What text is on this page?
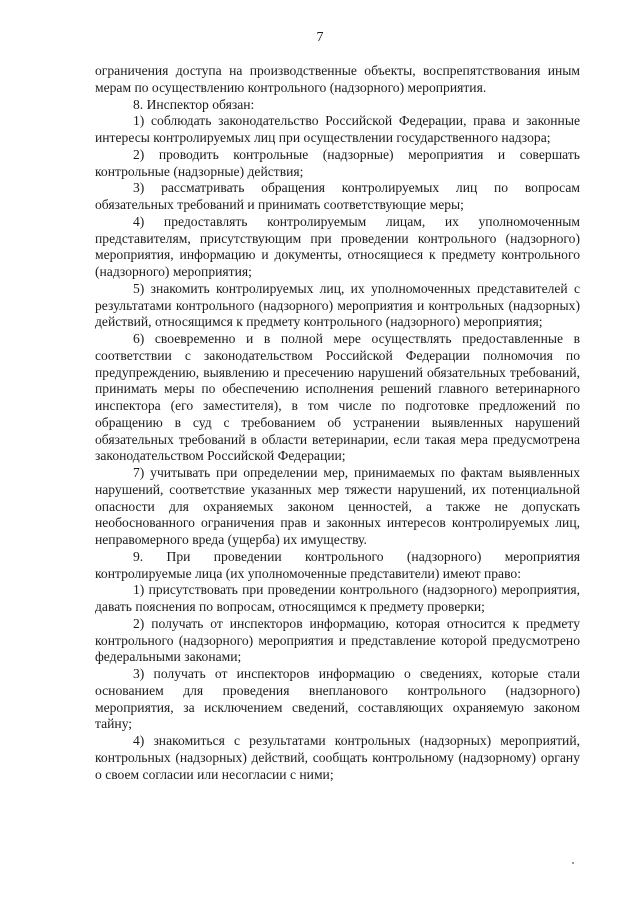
7

ограничения доступа на производственные объекты, воспрепятствования иным мерам по осуществлению контрольного (надзорного) мероприятия.

8. Инспектор обязан:

1) соблюдать законодательство Российской Федерации, права и законные интересы контролируемых лиц при осуществлении государственного надзора;

2) проводить контрольные (надзорные) мероприятия и совершать контрольные (надзорные) действия;

3) рассматривать обращения контролируемых лиц по вопросам обязательных требований и принимать соответствующие меры;

4) предоставлять контролируемым лицам, их уполномоченным представителям, присутствующим при проведении контрольного (надзорного) мероприятия, информацию и документы, относящиеся к предмету контрольного (надзорного) мероприятия;

5) знакомить контролируемых лиц, их уполномоченных представителей с результатами контрольного (надзорного) мероприятия и контрольных (надзорных) действий, относящимся к предмету контрольного (надзорного) мероприятия;

6) своевременно и в полной мере осуществлять предоставленные в соответствии с законодательством Российской Федерации полномочия по предупреждению, выявлению и пресечению нарушений обязательных требований, принимать меры по обеспечению исполнения решений главного ветеринарного инспектора (его заместителя), в том числе по подготовке предложений по обращению в суд с требованием об устранении выявленных нарушений обязательных требований в области ветеринарии, если такая мера предусмотрена законодательством Российской Федерации;

7) учитывать при определении мер, принимаемых по фактам выявленных нарушений, соответствие указанных мер тяжести нарушений, их потенциальной опасности для охраняемых законом ценностей, а также не допускать необоснованного ограничения прав и законных интересов контролируемых лиц, неправомерного вреда (ущерба) их имуществу.

9. При проведении контрольного (надзорного) мероприятия контролируемые лица (их уполномоченные представители) имеют право:

1) присутствовать при проведении контрольного (надзорного) мероприятия, давать пояснения по вопросам, относящимся к предмету проверки;

2) получать от инспекторов информацию, которая относится к предмету контрольного (надзорного) мероприятия и представление которой предусмотрено федеральными законами;

3) получать от инспекторов информацию о сведениях, которые стали основанием для проведения внепланового контрольного (надзорного) мероприятия, за исключением сведений, составляющих охраняемую законом тайну;

4) знакомиться с результатами контрольных (надзорных) мероприятий, контрольных (надзорных) действий, сообщать контрольному (надзорному) органу о своем согласии или несогласии с ними;
